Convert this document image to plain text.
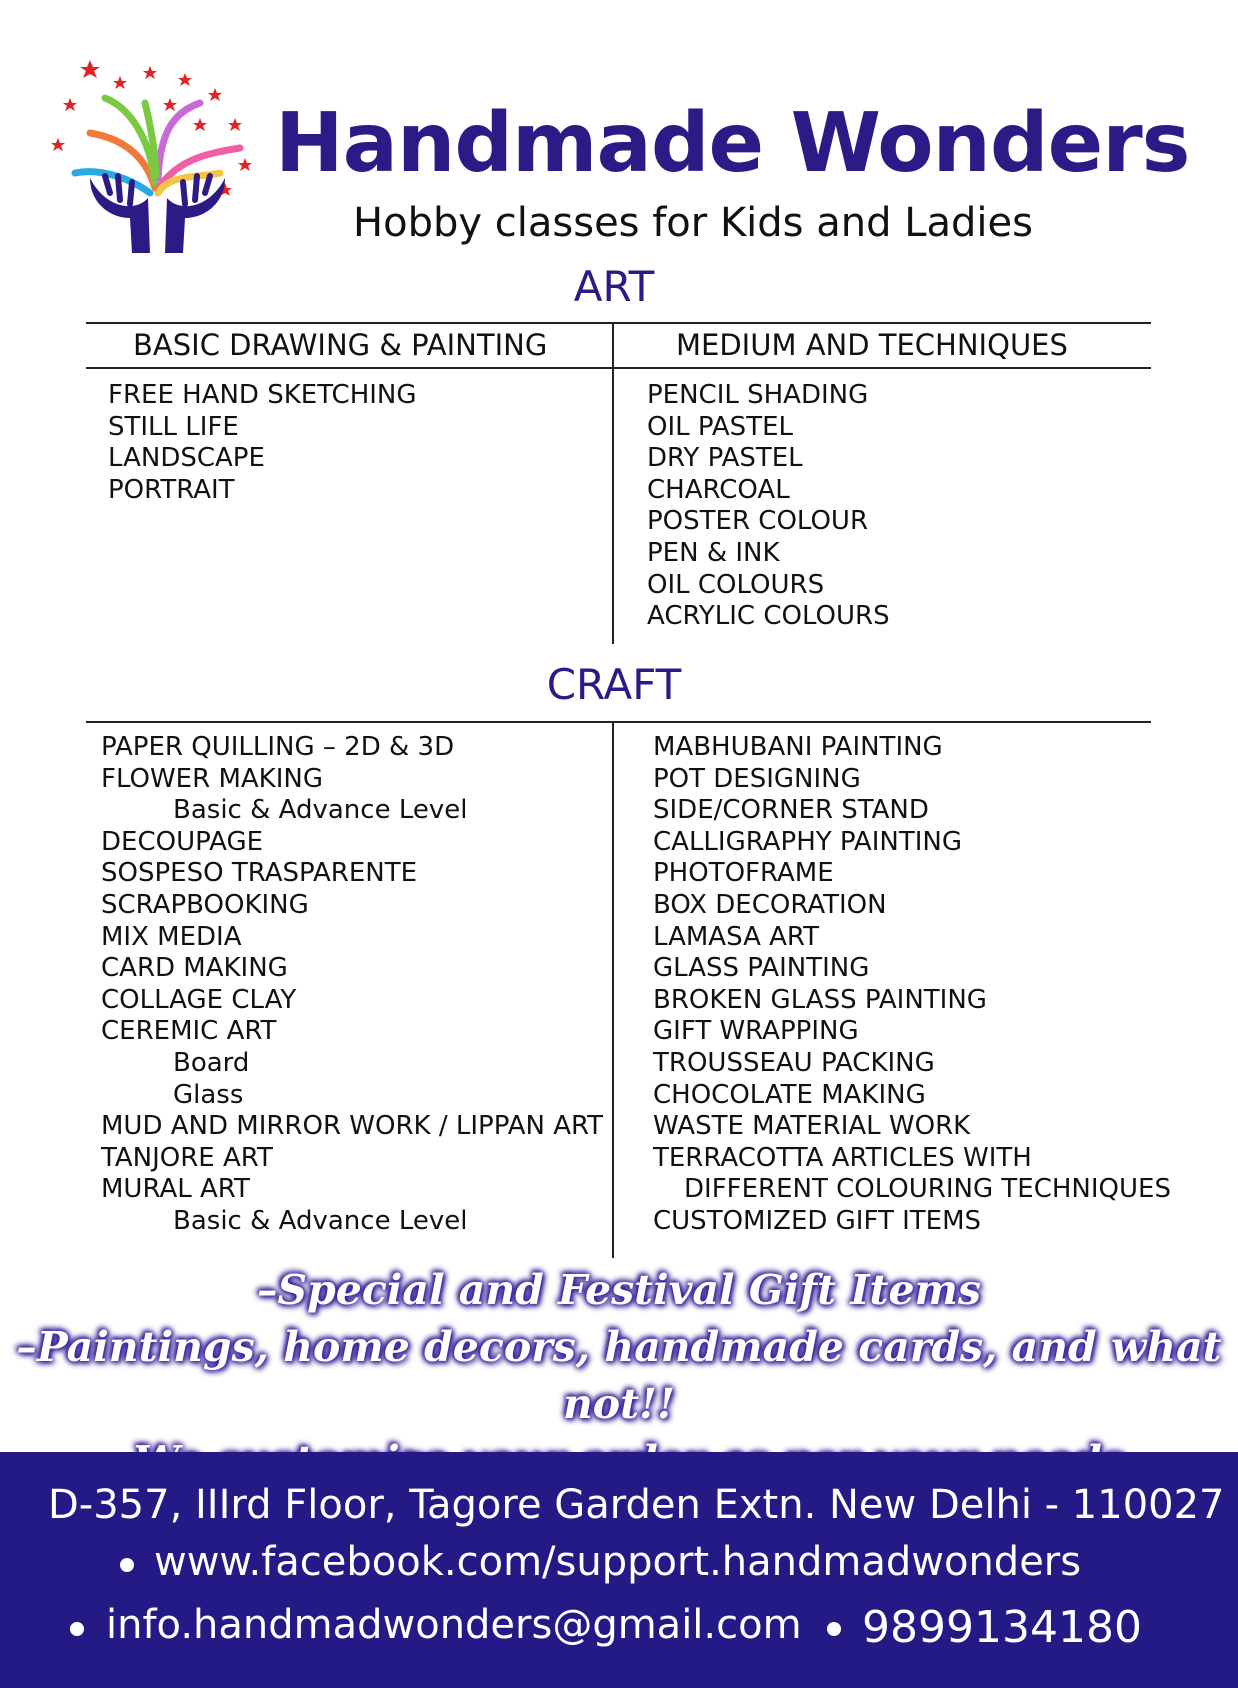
Handmade Wonders
Hobby classes for Kids and Ladies
ART
BASIC DRAWING & PAINTING	MEDIUM AND TECHNIQUES
FREE HAND SKETCHING
STILL LIFE
LANDSCAPE
PORTRAIT
PENCIL SHADING
OIL PASTEL
DRY PASTEL
CHARCOAL
POSTER COLOUR
PEN & INK
OIL COLOURS
ACRYLIC COLOURS
CRAFT
PAPER QUILLING – 2D & 3D
FLOWER MAKING
Basic & Advance Level
DECOUPAGE
SOSPESO TRASPARENTE
SCRAPBOOKING
MIX MEDIA
CARD MAKING
COLLAGE CLAY
CEREMIC ART
Board
Glass
MUD AND MIRROR WORK / LIPPAN ART
TANJORE ART
MURAL ART
Basic & Advance Level
MABHUBANI PAINTING
POT DESIGNING
SIDE/CORNER STAND
CALLIGRAPHY PAINTING
PHOTOFRAME
BOX DECORATION
LAMASA ART
GLASS PAINTING
BROKEN GLASS PAINTING
GIFT WRAPPING
TROUSSEAU PACKING
CHOCOLATE MAKING
WASTE MATERIAL WORK
TERRACOTTA ARTICLES WITH
DIFFERENT COLOURING TECHNIQUES
CUSTOMIZED GIFT ITEMS
–Special and Festival Gift Items
–Paintings, home decors, handmade cards, and what not!!
D-357, IIIrd Floor, Tagore Garden Extn. New Delhi - 110027
www.facebook.com/support.handmadwonders
info.handmadwonders@gmail.com 9899134180
